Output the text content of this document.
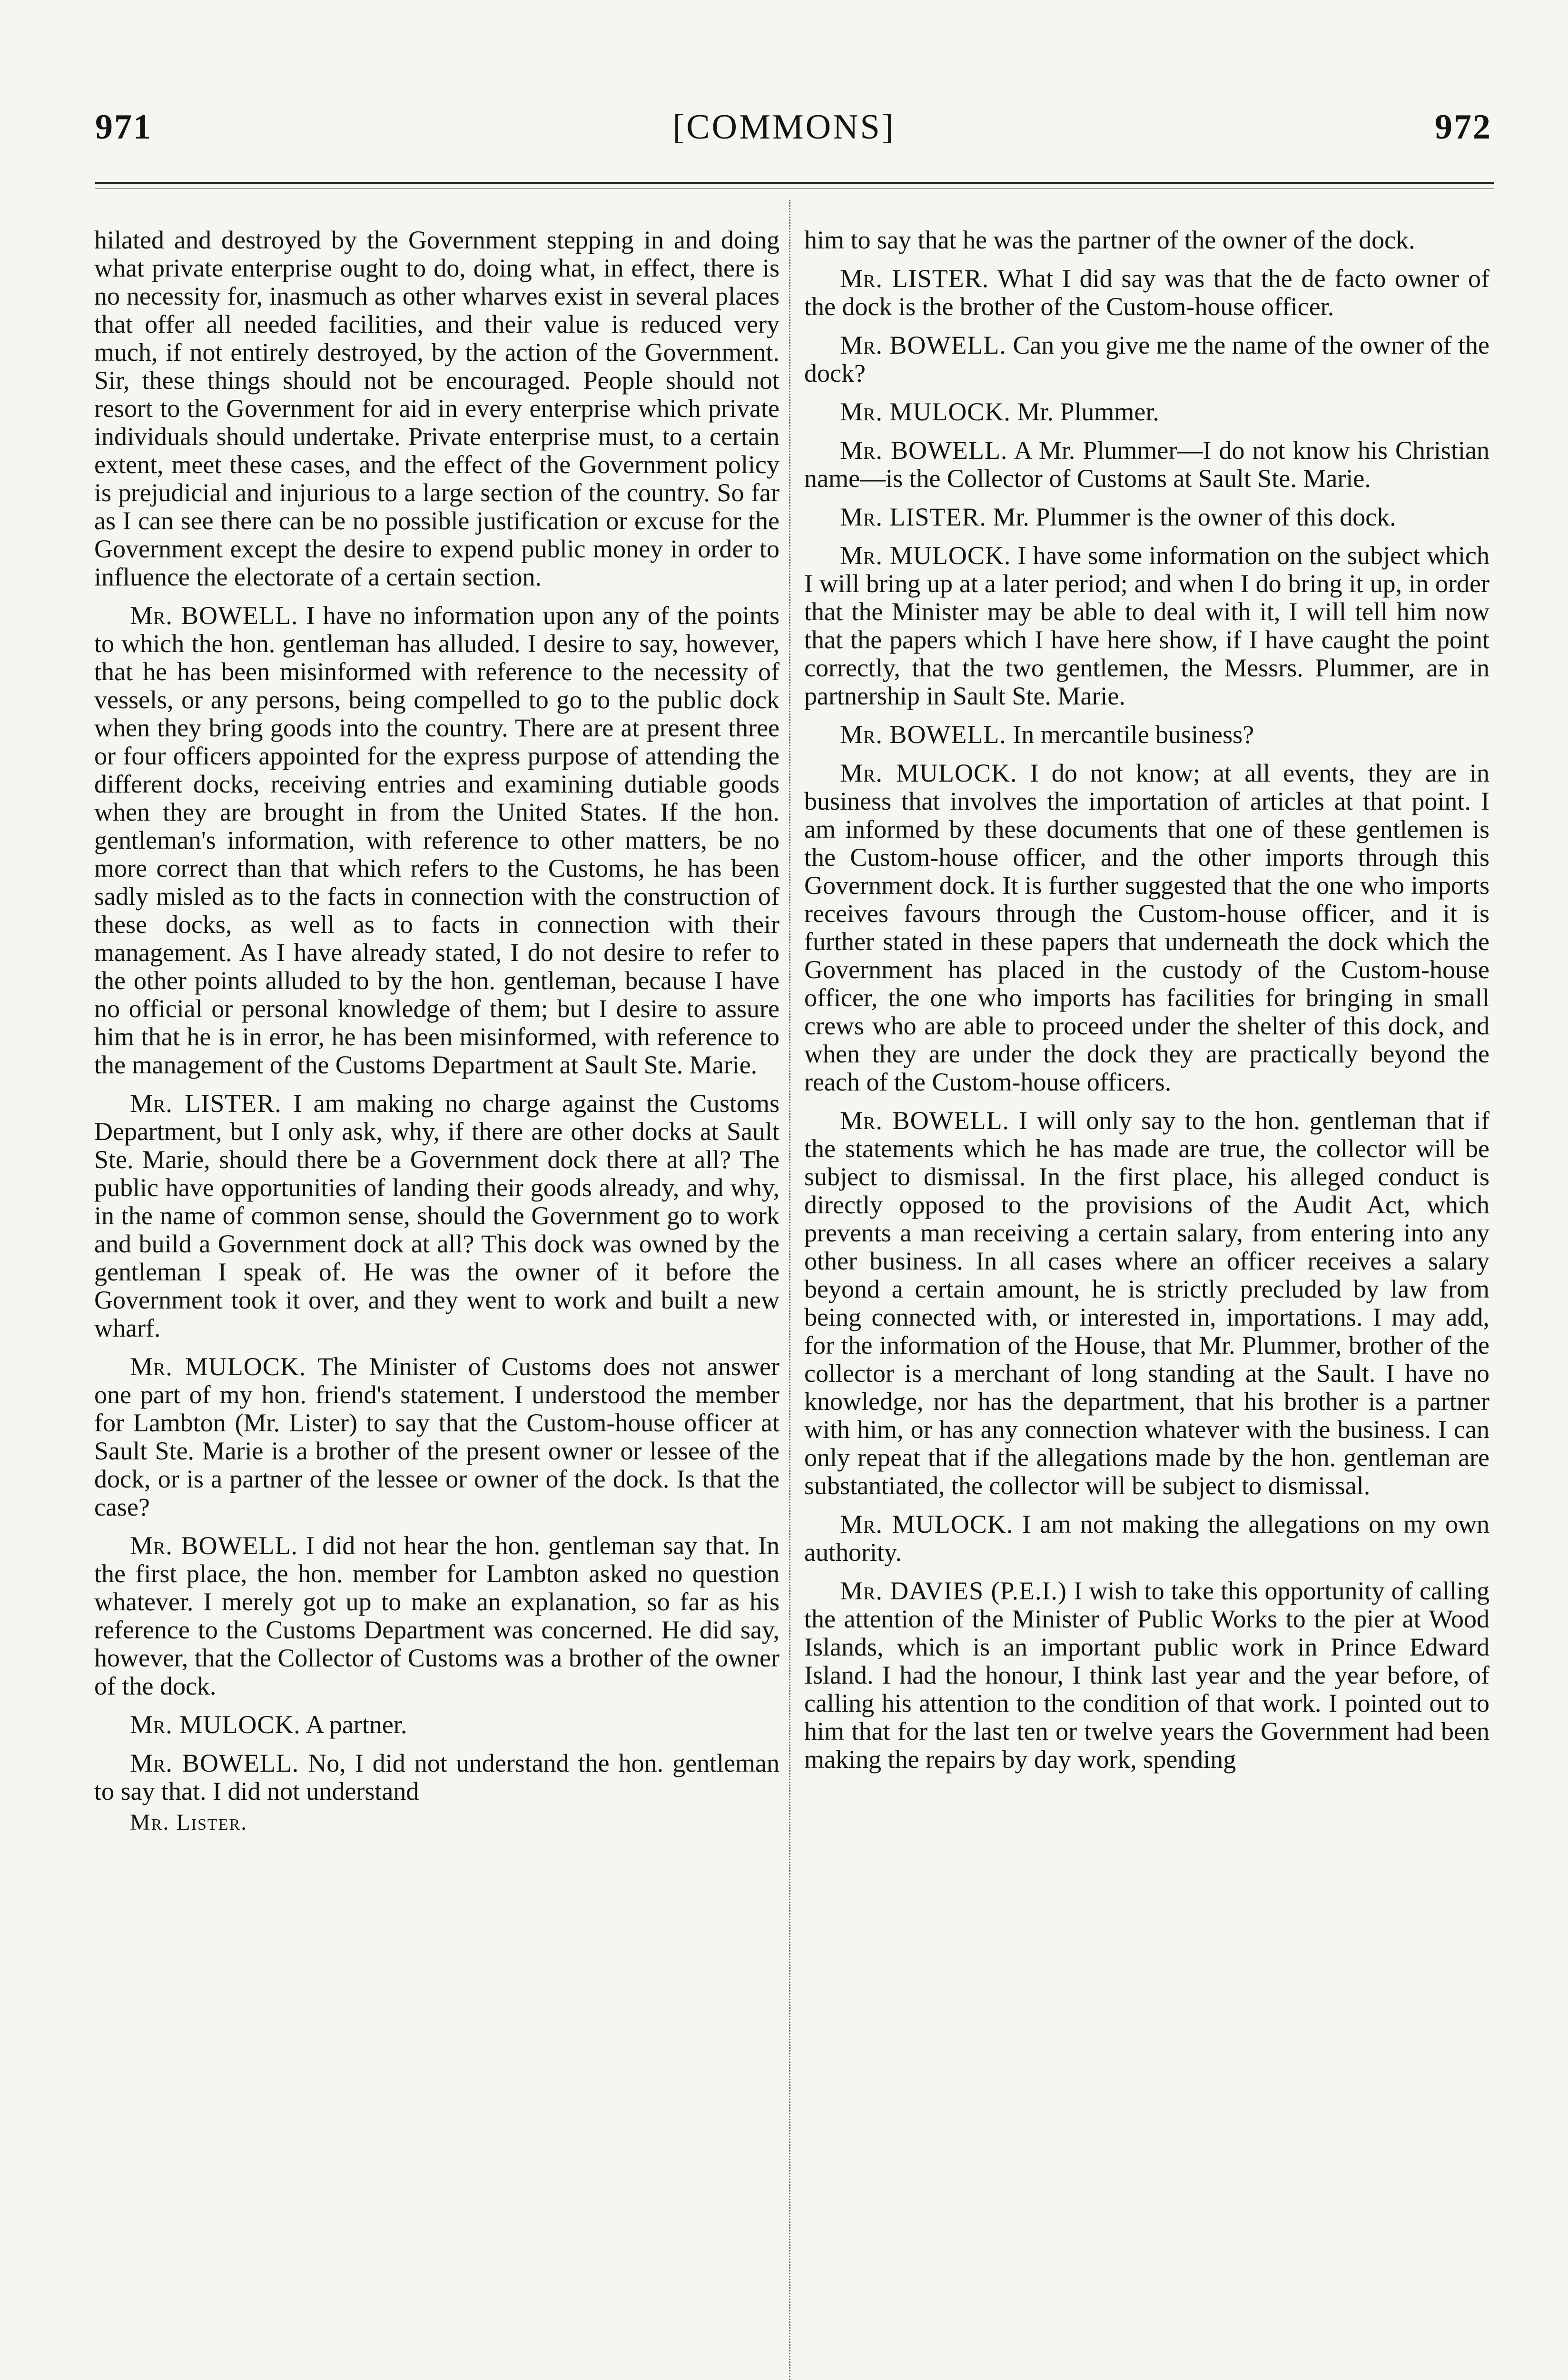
971	[COMMONS]	972

hilated and destroyed by the Government stepping in and doing what private enterprise ought to do, doing what, in effect, there is no necessity for, inasmuch as other wharves exist in several places that offer all needed facilities, and their value is reduced very much, if not entirely destroyed, by the action of the Government. Sir, these things should not be encouraged. People should not resort to the Government for aid in every enterprise which private individuals should undertake. Private enterprise must, to a certain extent, meet these cases, and the effect of the Government policy is prejudicial and injurious to a large section of the country. So far as I can see there can be no possible justification or excuse for the Government except the desire to expend public money in order to influence the electorate of a certain section.

Mr. BOWELL. I have no information upon any of the points to which the hon. gentleman has alluded. I desire to say, however, that he has been misinformed with reference to the necessity of vessels, or any persons, being compelled to go to the public dock when they bring goods into the country. There are at present three or four officers appointed for the express purpose of attending the different docks, receiving entries and examining dutiable goods when they are brought in from the United States. If the hon. gentleman's information, with reference to other matters, be no more correct than that which refers to the Customs, he has been sadly misled as to the facts in connection with the construction of these docks, as well as to facts in connection with their management. As I have already stated, I do not desire to refer to the other points alluded to by the hon. gentleman, because I have no official or personal knowledge of them; but I desire to assure him that he is in error, he has been misinformed, with reference to the management of the Customs Department at Sault Ste. Marie.

Mr. LISTER. I am making no charge against the Customs Department, but I only ask, why, if there are other docks at Sault Ste. Marie, should there be a Government dock there at all? The public have opportunities of landing their goods already, and why, in the name of common sense, should the Government go to work and build a Government dock at all? This dock was owned by the gentleman I speak of. He was the owner of it before the Government took it over, and they went to work and built a new wharf.

Mr. MULOCK. The Minister of Customs does not answer one part of my hon. friend's statement. I understood the member for Lambton (Mr. Lister) to say that the Custom-house officer at Sault Ste. Marie is a brother of the present owner or lessee of the dock, or is a partner of the lessee or owner of the dock. Is that the case?

Mr. BOWELL. I did not hear the hon. gentleman say that. In the first place, the hon. member for Lambton asked no question whatever. I merely got up to make an explanation, so far as his reference to the Customs Department was concerned. He did say, however, that the Collector of Customs was a brother of the owner of the dock.

Mr. MULOCK. A partner.

Mr. BOWELL. No, I did not understand the hon. gentleman to say that. I did not understand
Mr. Lister.

him to say that he was the partner of the owner of the dock.

Mr. LISTER. What I did say was that the de facto owner of the dock is the brother of the Custom-house officer.

Mr. BOWELL. Can you give me the name of the owner of the dock?

Mr. MULOCK. Mr. Plummer.

Mr. BOWELL. A Mr. Plummer—I do not know his Christian name—is the Collector of Customs at Sault Ste. Marie.

Mr. LISTER. Mr. Plummer is the owner of this dock.

Mr. MULOCK. I have some information on the subject which I will bring up at a later period; and when I do bring it up, in order that the Minister may be able to deal with it, I will tell him now that the papers which I have here show, if I have caught the point correctly, that the two gentlemen, the Messrs. Plummer, are in partnership in Sault Ste. Marie.

Mr. BOWELL. In mercantile business?

Mr. MULOCK. I do not know; at all events, they are in business that involves the importation of articles at that point. I am informed by these documents that one of these gentlemen is the Custom-house officer, and the other imports through this Government dock. It is further suggested that the one who imports receives favours through the Custom-house officer, and it is further stated in these papers that underneath the dock which the Government has placed in the custody of the Custom-house officer, the one who imports has facilities for bringing in small crews who are able to proceed under the shelter of this dock, and when they are under the dock they are practically beyond the reach of the Custom-house officers.

Mr. BOWELL. I will only say to the hon. gentleman that if the statements which he has made are true, the collector will be subject to dismissal. In the first place, his alleged conduct is directly opposed to the provisions of the Audit Act, which prevents a man receiving a certain salary, from entering into any other business. In all cases where an officer receives a salary beyond a certain amount, he is strictly precluded by law from being connected with, or interested in, importations. I may add, for the information of the House, that Mr. Plummer, brother of the collector is a merchant of long standing at the Sault. I have no knowledge, nor has the department, that his brother is a partner with him, or has any connection whatever with the business. I can only repeat that if the allegations made by the hon. gentleman are substantiated, the collector will be subject to dismissal.

Mr. MULOCK. I am not making the allegations on my own authority.

Mr. DAVIES (P.E.I.) I wish to take this opportunity of calling the attention of the Minister of Public Works to the pier at Wood Islands, which is an important public work in Prince Edward Island. I had the honour, I think last year and the year before, of calling his attention to the condition of that work. I pointed out to him that for the last ten or twelve years the Government had been making the repairs by day work, spending
